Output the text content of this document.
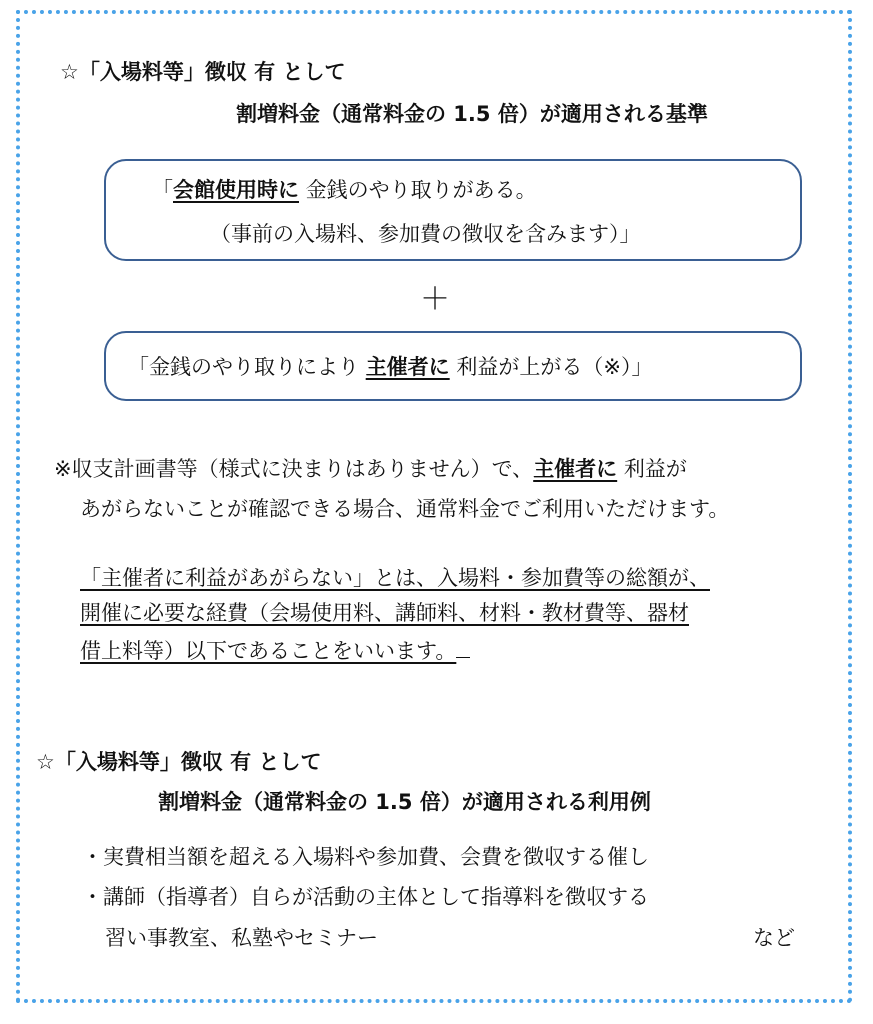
☆「入場料等」徴収 有 として
割増料金（通常料金の 1.5 倍）が適用される基準
「会館使用時に 金銭のやり取りがある。
（事前の入場料、参加費の徴収を含みます）」
＋
「金銭のやり取りにより 主催者に 利益が上がる（※）」
※収支計画書等（様式に決まりはありません）で、主催者に 利益が
あがらないことが確認できる場合、通常料金でご利用いただけます。
「主催者に利益があがらない」とは、入場料・参加費等の総額が、
開催に必要な経費（会場使用料、講師料、材料・教材費等、器材
借上料等）以下であることをいいます。
☆「入場料等」徴収 有 として
割増料金（通常料金の 1.5 倍）が適用される利用例
・実費相当額を超える入場料や参加費、会費を徴収する催し
・講師（指導者）自らが活動の主体として指導料を徴収する
習い事教室、私塾やセミナー	など
